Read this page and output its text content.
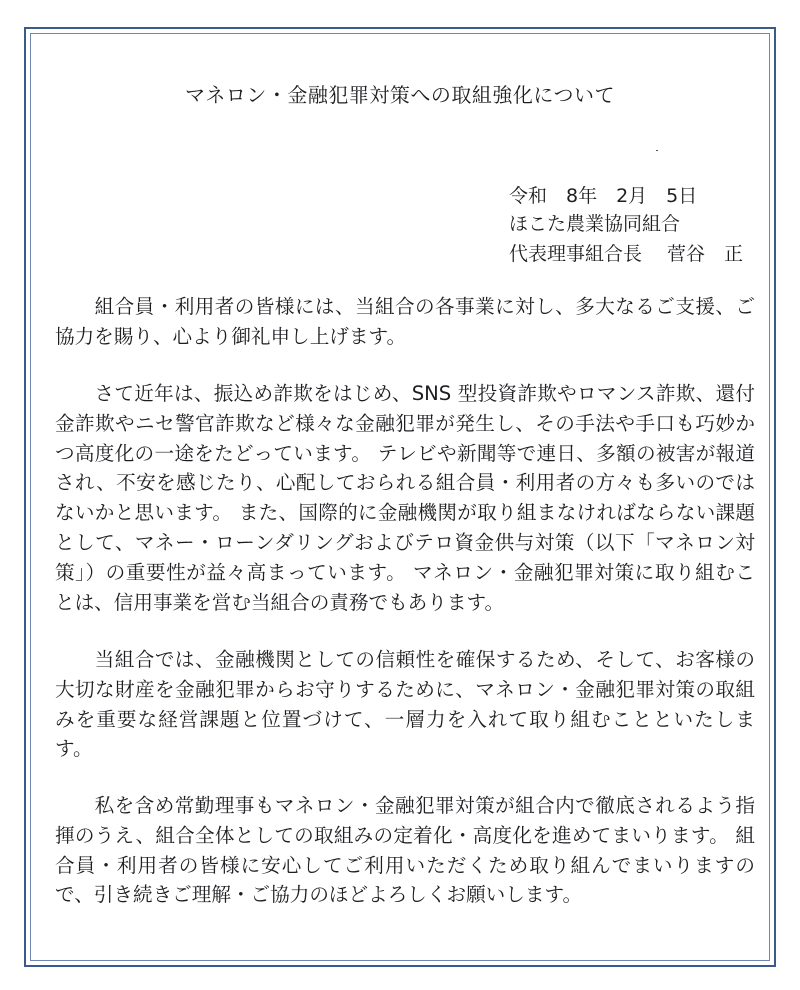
マネロン・金融犯罪対策への取組強化について
令和　8年　2月　5日
ほこた農業協同組合
代表理事組合長　 菅谷　正
　組合員・利用者の皆様には、当組合の各事業に対し、多大なるご支援、ご協力を賜り、心より御礼申し上げます。
　さて近年は、振込め詐欺をはじめ、SNS 型投資詐欺やロマンス詐欺、還付金詐欺やニセ警官詐欺など様々な金融犯罪が発生し、その手法や手口も巧妙かつ高度化の一途をたどっています。 テレビや新聞等で連日、多額の被害が報道され、不安を感じたり、心配しておられる組合員・利用者の方々も多いのではないかと思います。 また、国際的に金融機関が取り組まなければならない課題として、マネー・ローンダリングおよびテロ資金供与対策（以下「マネロン対策」）の重要性が益々高まっています。 マネロン・金融犯罪対策に取り組むことは、信用事業を営む当組合の責務でもあります。
　当組合では、金融機関としての信頼性を確保するため、そして、お客様の大切な財産を金融犯罪からお守りするために、マネロン・金融犯罪対策の取組みを重要な経営課題と位置づけて、一層力を入れて取り組むことといたします。
　私を含め常勤理事もマネロン・金融犯罪対策が組合内で徹底されるよう指揮のうえ、組合全体としての取組みの定着化・高度化を進めてまいります。 組合員・利用者の皆様に安心してご利用いただくため取り組んでまいりますので、引き続きご理解・ご協力のほどよろしくお願いします。
